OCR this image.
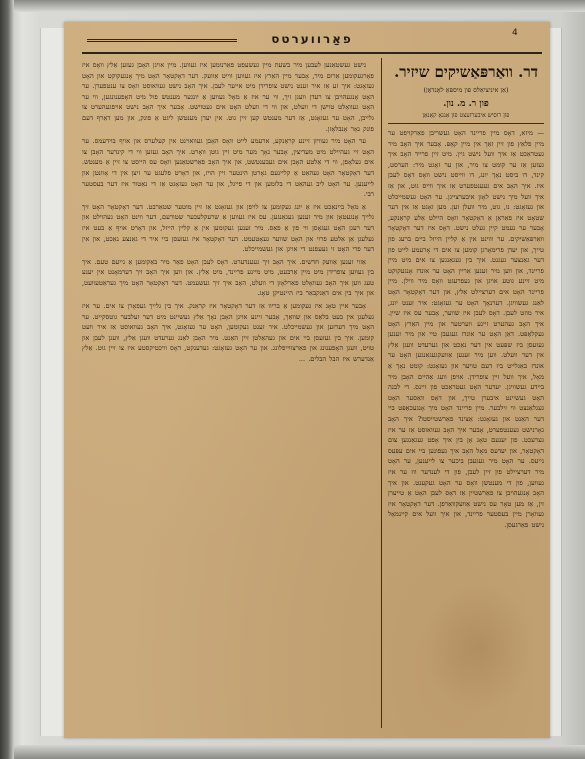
פאַרווערטס	4
דר. וואַרפּאַשיקים שיזיר.
(אַן איניציאַלס פון מיספּאַ לאָנדאָן)
פון ר. מ. נון.
פון רוסיש איבערזעצט פון אַננאַ קאַנאַן
— מיזא, דאָס מיין פריינד האָט געשריבן פאַרקויפט ער מיין פלאַץ פון זיין זאַך אין מיין קאָפּ. אָבער איך האָב מיר געטראַכט אַז איך וועל נישט גיין. מיט זיין פרייד האָב איך געזען אַז ער קומט צו מיר, און ער זאָגט מיר: הערסט, קינד, דו ביסט נאָך יונג, דו ווייסט נישט וואָס דאָס לעבן איז. איך האָב אים געענטפערט אַז איך ווייס גוט, און אַז איך וועל מיך נישט לאָזן איבערצייגן. ער האָט געשמייכלט און געזאָגט: נו, גוט, מיר וועלן זען. מען זאָגט אַז אין דער שטאָט איז פאַראַן אַ דאָקטאָר וואָס היילט אַלע קראַנקע, אָבער ער נעמט קיין געלט נישט. דאָס איז דער דאָקטאָר וואַרפּאַשיקים. ער וווינט אין אַ קליין הייזל ביים ברעג פון טייך, און יעדן פרימאָרגן קומען צו אים די אָרעמע לייט פון דער גאַנצער געגנט. איך בין געגאַנגען צו אים מיט מיין פריינד, און ווען מיר זענען אַריין האָט ער אונדז אָנגעקוקט מיט זיינע גוטע אויגן און געפרעגט וואָס מיר ווילן. מיין פריינד האָט אים דערציילט אַלץ, און דער דאָקטאָר האָט לאַנג געשוויגן. דערנאָך האָט ער געזאָגט: איר זענט יונג, איר מוזט לעבן. דאָס לעבן איז שווער, אָבער עס איז שיין. איך האָב געהערט זיינע ווערטער און מיין האַרץ האָט געקלאַפּט. דאַן האָט ער אונדז געגעבן טיי און מיר זענען געזעסן ביז שפּעט אין דער נאַכט און גערעדט וועגן אַלץ אין דער וועלט. ווען מיר זענען אַוועקגעגאַנגען האָט ער אונדז באַגלייט ביז דעם טויער און געזאָגט: קומט נאָך אַ מאָל, איך וועל זיין צופרידן. אויפן וועג אַהיים האָבן מיר ביידע געשוויגן. יעדער האָט געטראַכט פון זיינס. די לבנה האָט געשיינט איבערן טייך, און דאָס וואַסער האָט געגלאַנצט ווי זילבער. מיין פריינד האָט מיך אָנגעכאַפּט ביי דער האַנט און געזאָגט: אַצינד פאַרשטייסטו? איך האָב גאָרנישט געענטפערט, אָבער איך האָב געוואוסט אַז ער איז גערעכט. פון יענעם טאָג אָן בין איך אָפט געגאַנגען צום דאָקטאָר, און יעדעס מאָל האָב איך געפונען ביי אים עפּעס נייעס. ער האָט מיר געגעבן ביכער צו לייענען, ער האָט מיר דערציילט פון זיין לעבן, פון די לענדער וווּ ער איז געווען, פון די מענטשן וואָס ער האָט געקענט. און איך האָב אָנגעהויבן צו פאַרשטיין אַז דאָס לעבן האָט אַ טייערן זין, אַז מען טאָר עס נישט אַוועקוואַרפן. דער דאָקטאָר איז געוואָרן מיין בעסטער פריינד, און איך וועל אים קיינמאָל נישט פאַרגעסן.

נישט געשטאַנען לעבען מיר בשעת מיין געשעפט פאַרנומען איז געווען. מיין אויגן האָבן געזען אַלץ וואָס איז פאָרגעקומען אַרום מיר, אָבער מיין האַרץ איז געווען ווייט אַוועק. דער דאָקטאָר האָט מיך אָנגעקוקט און האָט געזאָגט: איך זע אַז איר זענט נישט צופרידן מיט אייער לעבן. איך האָב נישט געוואוסט וואָס צו ענטפערן. ער האָט אָנגעהויבן צו רעדן וועגן זיך, ווי ער איז אַ מאָל געווען אַ יונגער מענטש פול מיט האָפענונגען, ווי ער האָט געוואָלט טוישן די וועלט, און ווי די וועלט האָט אים געטוישט. אָבער איך האָב נישט אויפגעהערט צו גלייבן, האָט ער געזאָגט, אַז דער מענטש קען זיין גוט. אין יעדן מענטשן ליגט אַ פונק, און מען דאַרף דעם פונק נאָר אָנבלאָזן.

ער האָט מיר געוויזן זיינע קראַנקע, ארעמע לייט וואָס האָבן געוואוינט אין קעלערס און אויף בוידעמס. ער האָט זיי געהיילט מיט מעדיצין, אָבער נאָך מער מיט זיין גוטן וואָרט. איך האָב געזען ווי די קינדער האָבן צו אים געלאָפן, ווי די אַלטע האָבן אים געבענטשט, און איך האָב פאַרשטאַנען וואָס עס הייסט צו זיין אַ מענטש. דער דאָקטאָר האָט געהאַט אַ קליינעם גאָרטן הינטער זיין הויז, און דאָרט פלעגט ער זיצן אין די אָוונטן און לייענען. ער האָט ליב געהאַט די בלומען און די פייגל, און ער האָט געזאָגט אַז די נאַטור איז דער בעסטער רבי.

אַ מאָל ביינאַכט איז אַ יונג געקומען צו לויפן און געזאָגט אַז זיין מוטער שטאַרבט. דער דאָקטאָר האָט זיך גלייך אָנגעטאָן און מיר זענען געגאַנגען. עס איז געווען אַ שרעקלעכער שטורעם, דער ווינט האָט געהוילט און דער רעגן האָט געגאָסן ווי פון אַ פאַס. מיר זענען געקומען אין אַ קליין הייזל, און דאָרט אויף אַ בעט איז געלעגן אַן אַלטע פרוי און האָט שווער געאָטעמט. דער דאָקטאָר איז געזעסן ביי איר די גאַנצע נאַכט, און אין דער פרי האָט זי געעפנט די אויגן און געשמייכלט.

אַזוי זענען אַוועק חדשים. איך האָב זיך געענדערט. דאָס לעבן האָט פאַר מיר באַקומען אַ נייעם טעם. איך בין געווען צופרידן מיט מיין אַרבעט, מיט מיינע פריינד, מיט אַלץ. און ווען איך האָב זיך דערמאָנט אין יענע טעג ווען איך האָב געוואָלט פאַרלאָזן די וועלט, האָב איך זיך געשעמט. דער דאָקטאָר האָט מיך געראַטעוועט, און איך בין אים דאַנקבאַר ביז היינטיקן טאָג.

אָבער איין טאָג איז געקומען אַ בריוו אַז דער דאָקטאָר איז קראַנק. איך בין גלייך געפאָרן צו אים. ער איז געלעגן אין בעט בלאַס און שוואַך, אָבער זיינע אויגן האָבן נאָך אַלץ געשיינט מיט דער זעלבער גוטסקייט. ער האָט מיך דערזען און געשמייכלט. איר זענט געקומען, האָט ער געזאָגט, איך האָב געוואוסט אַז איר וועט קומען. איך בין געזעסן ביי אים און געהאַלטן זיין האַנט. מיר האָבן לאַנג גערעדט וועגן אַלץ, וועגן לעבן און טויט, וועגן האָפענונג און פאַרצווייפלונג. און ער האָט געזאָגט: געדענקט, דאָס וויכטיקסטע איז צו זיין גוט. אַלץ אַנדערש איז הבל הבלים. ...
